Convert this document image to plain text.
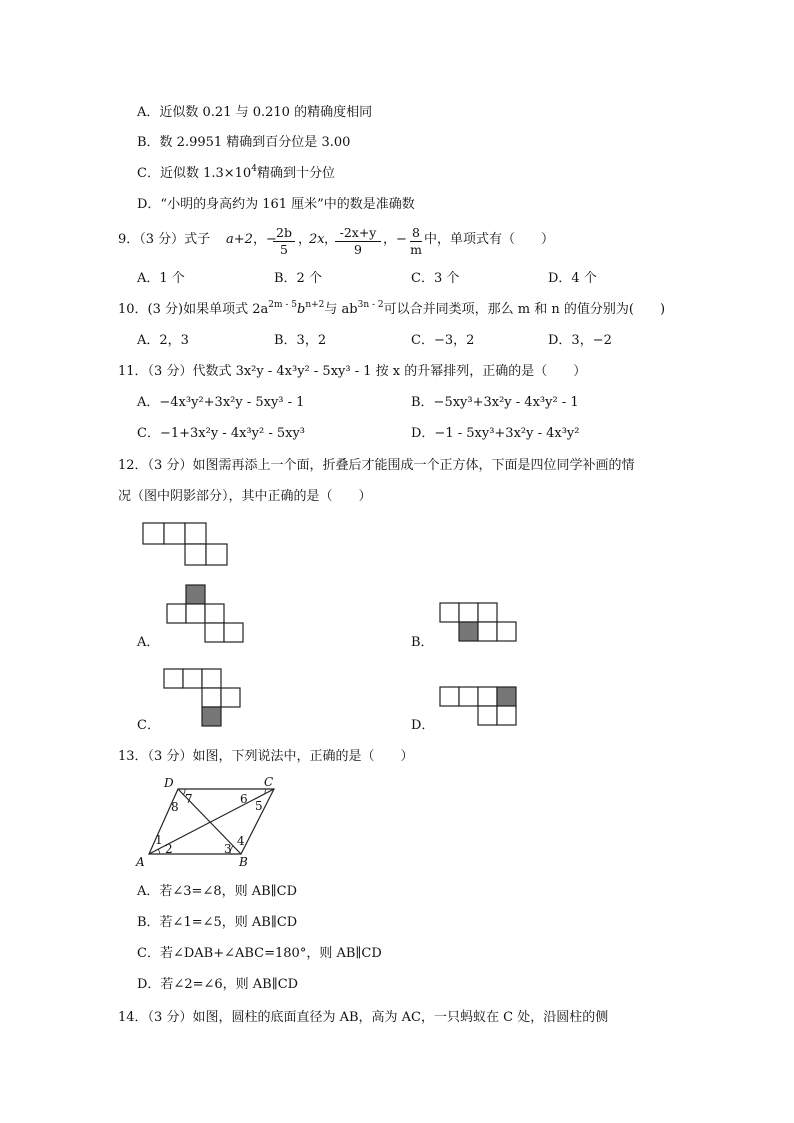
A．近似数 0.21 与 0.210 的精确度相同
B．数 2.9951 精确到百分位是 3.00
C．近似数 $1.3\times 10^4$精确到十分位
D．“小明的身高约为 161 厘米”中的数是准确数
9．（3 分）式子 a+2 ，−
$\frac{2b}{5}$ ，
2x ，
$\frac{-2x+y}{9}$ ，− $\frac{8}{m}$ 中，单项式有（　　）
A．1 个	B．2 个	C．3 个	D．4 个
10．(3 分)如果单项式 $2a^{2m - 5}b^{n+2}$与 $ab^{3n - 2}$可以合并同类项，那么 m 和 n 的值分别为(　　)
A．2，3	B．3，2	C．−3，2	D．3，−2
11．（3 分）代数式 3x²y - 4x³y² - 5xy³ - 1 按 x 的升幂排列，正确的是（　　）
A．−4x³y²+3x²y - 5xy³ - 1	B．−5xy³+3x²y - 4x³y² - 1
C．−1+3x²y - 4x³y² - 5xy³	D．−1 - 5xy³+3x²y - 4x³y²
12．（3 分）如图需再添上一个面，折叠后才能围成一个正方体，下面是四位同学补画的情
况（图中阴影部分），其中正确的是（　　）
A．	B．
C．	D．
13．（3 分）如图，下列说法中，正确的是（　　）
D	C
A	B
1
2	3
4
5
6
7
8
A．若∠3=∠8，则 AB∥CD
B．若∠1=∠5，则 AB∥CD
C．若∠DAB+∠ABC=180°，则 AB∥CD
D．若∠2=∠6，则 AB∥CD
14．（3 分）如图，圆柱的底面直径为 AB，高为 AC，一只蚂蚁在 C 处，沿圆柱的侧
